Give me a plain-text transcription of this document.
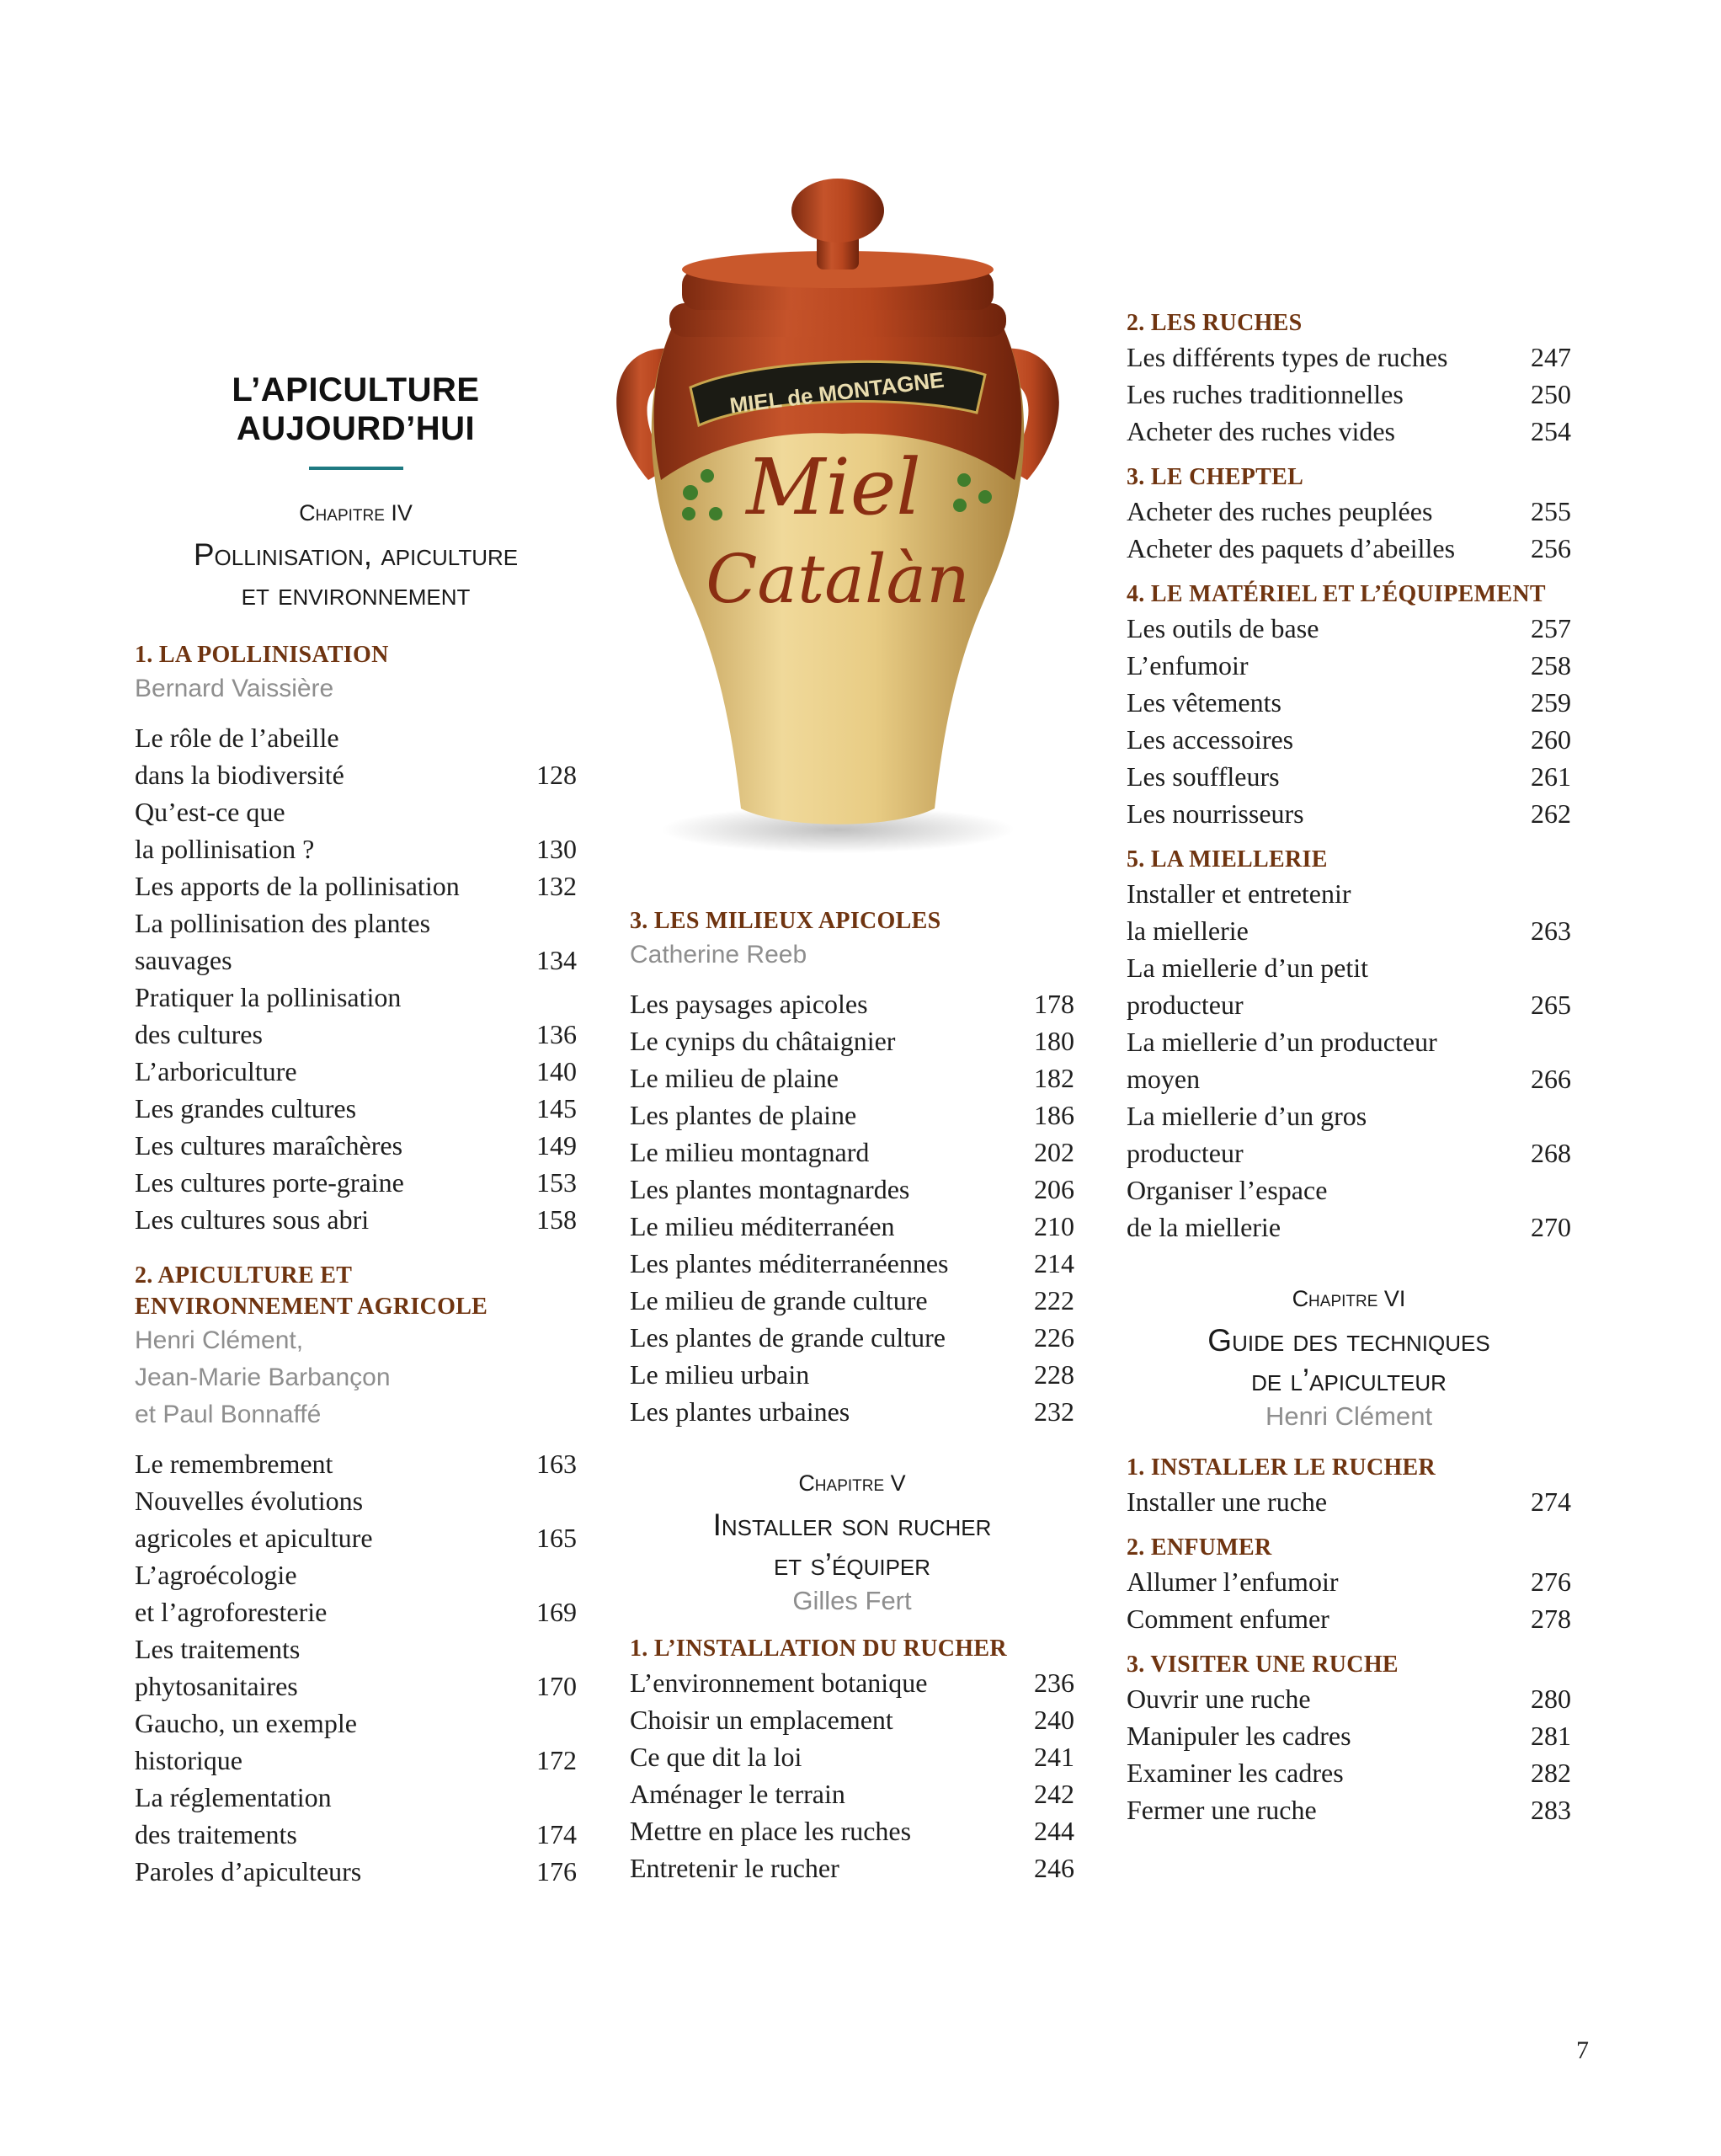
L’APICULTURE
AUJOURD’HUI
Chapitre IV
Pollinisation, apiculture
et environnement
1. LA POLLINISATION
Bernard Vaissière
Le rôle de l’abeille
dans la biodiversité	128
Qu’est-ce que
la pollinisation ?	130
Les apports de la pollinisation	132
La pollinisation des plantes
sauvages	134
Pratiquer la pollinisation
des cultures	136
L’arboriculture	140
Les grandes cultures	145
Les cultures maraîchères	149
Les cultures porte-graine	153
Les cultures sous abri	158
2. APICULTURE ET
ENVIRONNEMENT AGRICOLE
Henri Clément,
Jean-Marie Barbançon
et Paul Bonnaffé
Le remembrement	163
Nouvelles évolutions
agricoles et apiculture	165
L’agroécologie
et l’agroforesterie	169
Les traitements
phytosanitaires	170
Gaucho, un exemple
historique	172
La réglementation
des traitements	174
Paroles d’apiculteurs	176
MIEL de MONTAGNE
Miel
Catalàn
3. LES MILIEUX APICOLES
Catherine Reeb
Les paysages apicoles	178
Le cynips du châtaignier	180
Le milieu de plaine	182
Les plantes de plaine	186
Le milieu montagnard	202
Les plantes montagnardes	206
Le milieu méditerranéen	210
Les plantes méditerranéennes	214
Le milieu de grande culture	222
Les plantes de grande culture	226
Le milieu urbain	228
Les plantes urbaines	232
Chapitre V
Installer son rucher
et s’équiper
Gilles Fert
1. L’INSTALLATION DU RUCHER
L’environnement botanique	236
Choisir un emplacement	240
Ce que dit la loi	241
Aménager le terrain	242
Mettre en place les ruches	244
Entretenir le rucher	246
2. LES RUCHES
Les différents types de ruches	247
Les ruches traditionnelles	250
Acheter des ruches vides	254
3. LE CHEPTEL
Acheter des ruches peuplées	255
Acheter des paquets d’abeilles	256
4. LE MATÉRIEL ET L’ÉQUIPEMENT
Les outils de base	257
L’enfumoir	258
Les vêtements	259
Les accessoires	260
Les souffleurs	261
Les nourrisseurs	262
5. LA MIELLERIE
Installer et entretenir
la miellerie	263
La miellerie d’un petit
producteur	265
La miellerie d’un producteur
moyen	266
La miellerie d’un gros
producteur	268
Organiser l’espace
de la miellerie	270
Chapitre VI
Guide des techniques
de l’apiculteur
Henri Clément
1. INSTALLER LE RUCHER
Installer une ruche	274
2. ENFUMER
Allumer l’enfumoir	276
Comment enfumer	278
3. VISITER UNE RUCHE
Ouvrir une ruche	280
Manipuler les cadres	281
Examiner les cadres	282
Fermer une ruche	283
7
